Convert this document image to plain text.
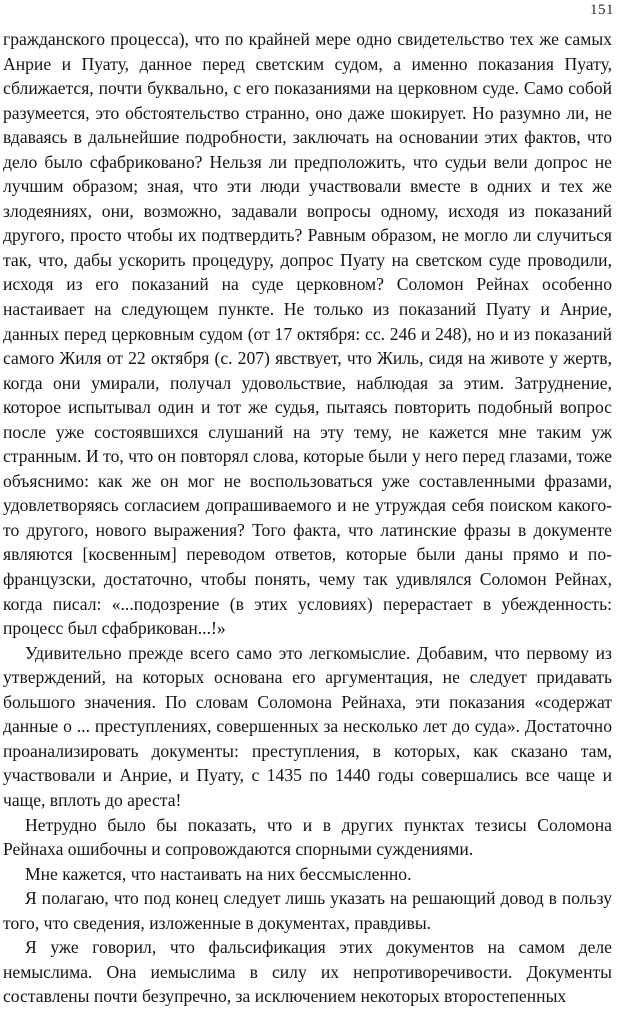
151

гражданского процесса), что по крайней мере одно свидетельство тех же самых Анрие и Пуату, данное перед светским судом, а именно показания Пуату, сближается, почти буквально, с его показаниями на церковном суде. Само собой разумеется, это обстоятельство странно, оно даже шокирует. Но разумно ли, не вдаваясь в дальнейшие подробности, заключать на основании этих фактов, что дело было сфабриковано? Нельзя ли предположить, что судьи вели допрос не лучшим образом; зная, что эти люди участвовали вместе в одних и тех же злодеяниях, они, возможно, задавали вопросы одному, исходя из показаний другого, просто чтобы их подтвердить? Равным образом, не могло ли случиться так, что, дабы ускорить процедуру, допрос Пуату на светском суде проводили, исходя из его показаний на суде церковном? Соломон Рейнах особенно настаивает на следующем пункте. Не только из показаний Пуату и Анрие, данных перед церковным судом (от 17 октября: сс. 246 и 248), но и из показаний самого Жиля от 22 октября (с. 207) явствует, что Жиль, сидя на животе у жертв, когда они умирали, получал удовольствие, наблюдая за этим. Затруднение, которое испытывал один и тот же судья, пытаясь повторить подобный вопрос после уже состоявшихся слушаний на эту тему, не кажется мне таким уж странным. И то, что он повторял слова, которые были у него перед глазами, тоже объяснимо: как же он мог не воспользоваться уже составленными фразами, удовлетворяясь согласием допрашиваемого и не утруждая себя поиском какого-то другого, нового выражения? Того факта, что латинские фразы в документе являются [косвенным] переводом ответов, которые были даны прямо и по-французски, достаточно, чтобы понять, чему так удивлялся Соломон Рейнах, когда писал: «...подозрение (в этих условиях) перерастает в убежденность: процесс был сфабрикован...!»

Удивительно прежде всего само это легкомыслие. Добавим, что первому из утверждений, на которых основана его аргументация, не следует придавать большого значения. По словам Соломона Рейнаха, эти показания «содержат данные о ... преступлениях, совершенных за несколько лет до суда». Достаточно проанализировать документы: преступления, в которых, как сказано там, участвовали и Анрие, и Пуату, с 1435 по 1440 годы совершались все чаще и чаще, вплоть до ареста!

Нетрудно было бы показать, что и в других пунктах тезисы Соломона Рейнаха ошибочны и сопровождаются спорными суждениями.

Мне кажется, что настаивать на них бессмысленно.

Я полагаю, что под конец следует лишь указать на решающий довод в пользу того, что сведения, изложенные в документах, правдивы.

Я уже говорил, что фальсификация этих документов на самом деле немыслима. Она иемыслима в силу их непротиворечивости. Документы составлены почти безупречно, за исключением некоторых второстепенных
